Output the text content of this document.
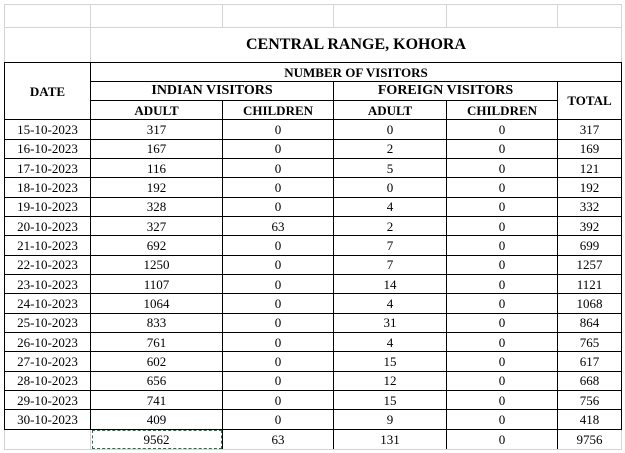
	CENTRAL RANGE, KOHORA				
DATE	NUMBER OF VISITORS				
	INDIAN VISITORS		FOREIGN VISITORS		TOTAL
	ADULT	CHILDREN	ADULT	CHILDREN	
15-10-2023	317	0	0	0	317
16-10-2023	167	0	2	0	169
17-10-2023	116	0	5	0	121
18-10-2023	192	0	0	0	192
19-10-2023	328	0	4	0	332
20-10-2023	327	63	2	0	392
21-10-2023	692	0	7	0	699
22-10-2023	1250	0	7	0	1257
23-10-2023	1107	0	14	0	1121
24-10-2023	1064	0	4	0	1068
25-10-2023	833	0	31	0	864
26-10-2023	761	0	4	0	765
27-10-2023	602	0	15	0	617
28-10-2023	656	0	12	0	668
29-10-2023	741	0	15	0	756
30-10-2023	409	0	9	0	418
	9562	63	131	0	9756
